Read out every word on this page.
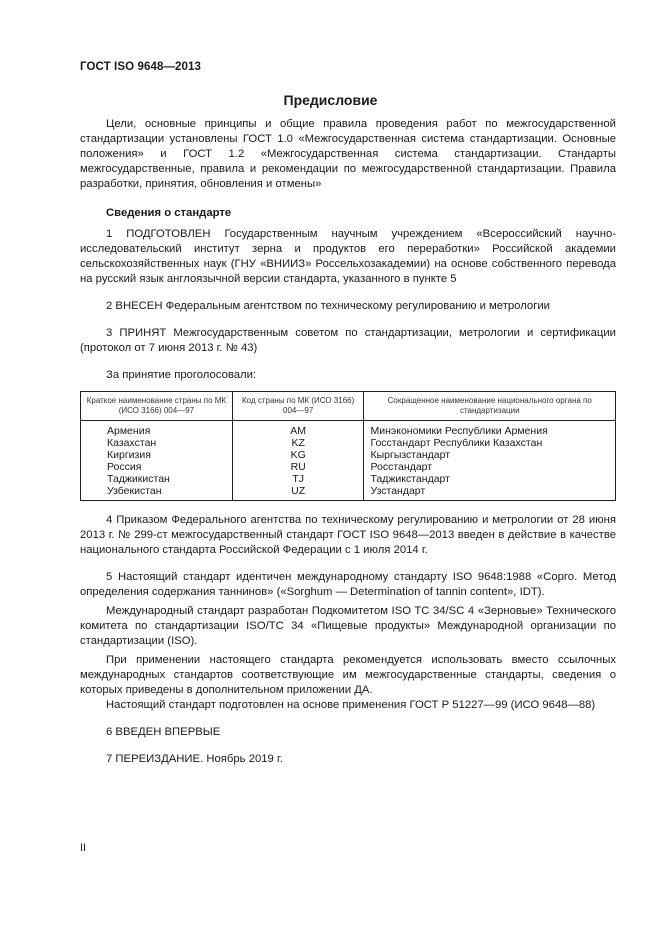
ГОСТ ISO 9648—2013
Предисловие

Цели, основные принципы и общие правила проведения работ по межгосударственной стандартизации установлены ГОСТ 1.0 «Межгосударственная система стандартизации. Основные положения» и ГОСТ 1.2 «Межгосударственная система стандартизации. Стандарты межгосударственные, правила и рекомендации по межгосударственной стандартизации. Правила разработки, принятия, обновления и отмены»

Сведения о стандарте

1 ПОДГОТОВЛЕН Государственным научным учреждением «Всероссийский научно-исследовательский институт зерна и продуктов его переработки» Российской академии сельскохозяйственных наук (ГНУ «ВНИИЗ» Россельхозакадемии) на основе собственного перевода на русский язык англоязычной версии стандарта, указанного в пункте 5

2 ВНЕСЕН Федеральным агентством по техническому регулированию и метрологии

3 ПРИНЯТ Межгосударственным советом по стандартизации, метрологии и сертификации (протокол от 7 июня 2013 г. № 43)

За принятие проголосовали:

Краткое наименование страны по МК (ИСО 3166) 004—97	Код страны по МК (ИСО 3166) 004—97	Сокращенное наименование национального органа по стандартизации
Армения	AM	Минэкономики Республики Армения
Казахстан	KZ	Госстандарт Республики Казахстан
Киргизия	KG	Кыргызстандарт
Россия	RU	Росстандарт
Таджикистан	TJ	Таджикстандарт
Узбекистан	UZ	Узстандарт

4 Приказом Федерального агентства по техническому регулированию и метрологии от 28 июня 2013 г. № 299-ст межгосударственный стандарт ГОСТ ISO 9648—2013 введен в действие в качестве национального стандарта Российской Федерации с 1 июля 2014 г.

5 Настоящий стандарт идентичен международному стандарту ISO 9648:1988 «Сорго. Метод определения содержания таннинов» («Sorghum — Determination of tannin content», IDT).

Международный стандарт разработан Подкомитетом ISO TC 34/SC 4 «Зерновые» Технического комитета по стандартизации ISO/TC 34 «Пищевые продукты» Международной организации по стандартизации (ISO).

При применении настоящего стандарта рекомендуется использовать вместо ссылочных международных стандартов соответствующие им межгосударственные стандарты, сведения о которых приведены в дополнительном приложении ДА.

Настоящий стандарт подготовлен на основе применения ГОСТ Р 51227—99 (ИСО 9648—88)

6 ВВЕДЕН ВПЕРВЫЕ

7 ПЕРЕИЗДАНИЕ. Ноябрь 2019 г.

II
